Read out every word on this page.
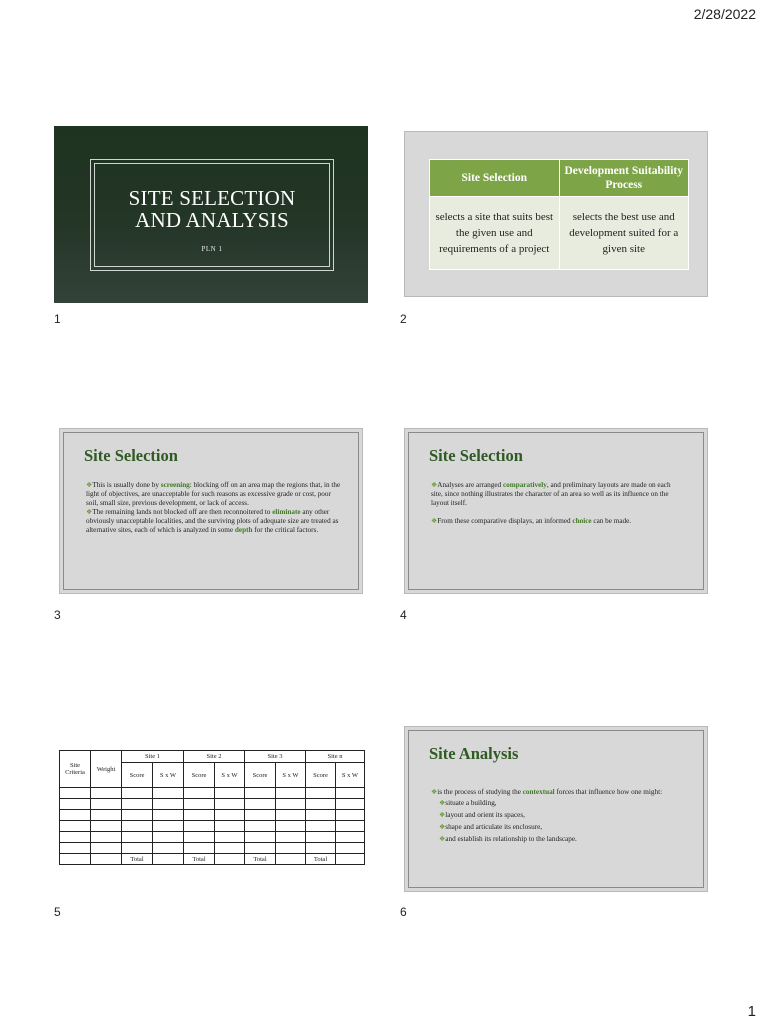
2/28/2022
SITE SELECTION
AND ANALYSIS
PLN 1
1
Site Selection	Development Suitability Process
selects a site that suits best the given use and requirements of a project	selects the best use and development suited for a given site
2
Site Selection

❖This is usually done by screening: blocking off on an area map the regions that, in the light of objectives, are unacceptable for such reasons as excessive grade or cost, poor soil, small size, previous development, or lack of access.

❖The remaining lands not blocked off are then reconnoitered to eliminate any other obviously unacceptable localities, and the surviving plots of adequate size are treated as alternative sites, each of which is analyzed in some depth for the critical factors.

3
Site Selection

❖Analyses are arranged comparatively, and preliminary layouts are made on each site, since nothing illustrates the character of an area so well as its influence on the layout itself.

❖From these comparative displays, an informed choice can be made.

4
Site Criteria	Weight	Site 1		Site 2		Site 3		Site n	
		Score	S x W	Score	S x W	Score	S x W	Score	S x W

		Total		Total		Total		Total	
5
Site Analysis

❖is the process of studying the contextual forces that influence how one might:

❖situate a building,

❖layout and orient its spaces,

❖shape and articulate its enclosure,

❖and establish its relationship to the landscape.

6
1
